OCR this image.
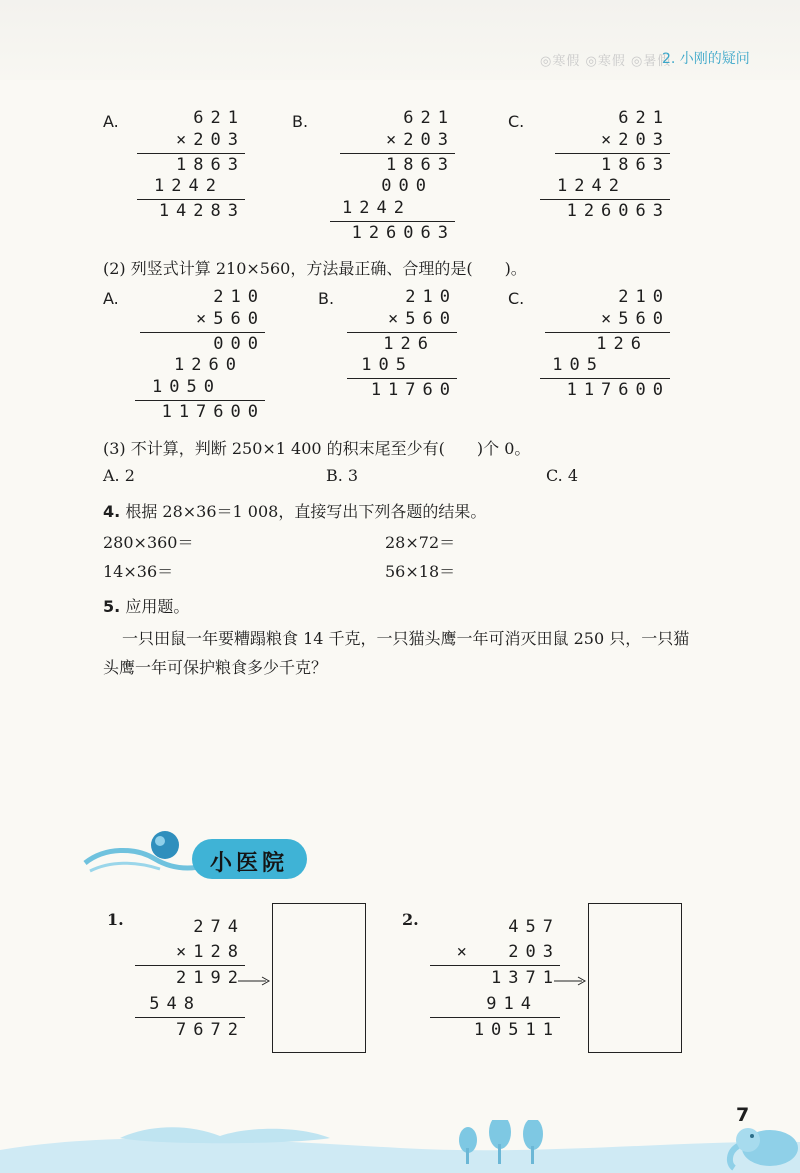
◎寒假 ◎寒假 ◎暑假
2. 小刚的疑问

A.	621
×203
1863
1242
14283
B.	621
×203
1863
000
1242
126063
C.	621
×203
1863
1242
126063
(2) 列竖式计算 210×560，方法最正确、合理的是(　　)。
A.	210
×560
000
1260
1050
117600
B.	210
×560
126
105
11760
C.	210
×560
126
105
117600
(3) 不计算，判断 250×1 400 的积末尾至少有(　　)个 0。
A. 2	B. 3	C. 4
4. 根据 28×36＝1 008，直接写出下列各题的结果。
280×360＝	28×72＝
14×36＝	56×18＝
5. 应用题。
一只田鼠一年要糟蹋粮食 14 千克，一只猫头鹰一年可消灭田鼠 250 只，一只猫
头鹰一年可保护粮食多少千克？
小医院
1.	274
×128
2192
548
7672
2.	457
×  203
1371
914
10511
7
